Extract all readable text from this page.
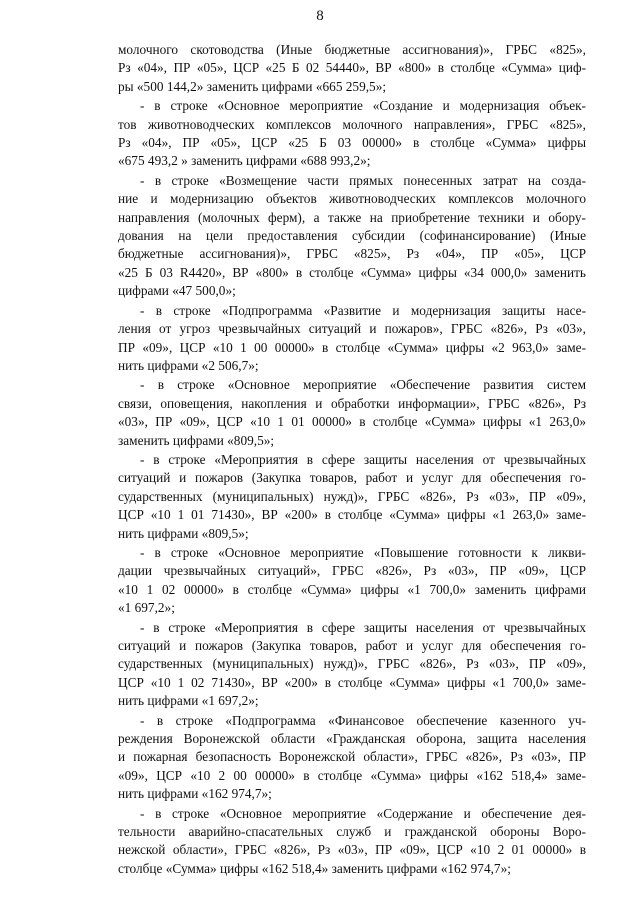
8
молочного скотоводства (Иные бюджетные ассигнования)», ГРБС «825»,
Рз «04», ПР «05», ЦСР «25 Б 02 54440», ВР «800» в столбце «Сумма» циф-
ры «500 144,2» заменить цифрами «665 259,5»;
- в строке «Основное мероприятие «Создание и модернизация объек-
тов животноводческих комплексов молочного направления», ГРБС «825»,
Рз «04», ПР «05», ЦСР «25 Б 03 00000» в столбце «Сумма» цифры
«675 493,2 » заменить цифрами «688 993,2»;
- в строке «Возмещение части прямых понесенных затрат на созда-
ние и модернизацию объектов животноводческих комплексов молочного
направления (молочных ферм), а также на приобретение техники и обору-
дования на цели предоставления субсидии (софинансирование) (Иные
бюджетные ассигнования)», ГРБС «825», Рз «04», ПР «05», ЦСР
«25 Б 03 R4420», ВР «800» в столбце «Сумма» цифры «34 000,0» заменить
цифрами «47 500,0»;
- в строке «Подпрограмма «Развитие и модернизация защиты насе-
ления от угроз чрезвычайных ситуаций и пожаров», ГРБС «826», Рз «03»,
ПР «09», ЦСР «10 1 00 00000» в столбце «Сумма» цифры «2 963,0» заме-
нить цифрами «2 506,7»;
- в строке «Основное мероприятие «Обеспечение развития систем
связи, оповещения, накопления и обработки информации», ГРБС «826», Рз
«03», ПР «09», ЦСР «10 1 01 00000» в столбце «Сумма» цифры «1 263,0»
заменить цифрами «809,5»;
- в строке «Мероприятия в сфере защиты населения от чрезвычайных
ситуаций и пожаров (Закупка товаров, работ и услуг для обеспечения го-
сударственных (муниципальных) нужд)», ГРБС «826», Рз «03», ПР «09»,
ЦСР «10 1 01 71430», ВР «200» в столбце «Сумма» цифры «1 263,0» заме-
нить цифрами «809,5»;
- в строке «Основное мероприятие «Повышение готовности к ликви-
дации чрезвычайных ситуаций», ГРБС «826», Рз «03», ПР «09», ЦСР
«10 1 02 00000» в столбце «Сумма» цифры «1 700,0» заменить цифрами
«1 697,2»;
- в строке «Мероприятия в сфере защиты населения от чрезвычайных
ситуаций и пожаров (Закупка товаров, работ и услуг для обеспечения го-
сударственных (муниципальных) нужд)», ГРБС «826», Рз «03», ПР «09»,
ЦСР «10 1 02 71430», ВР «200» в столбце «Сумма» цифры «1 700,0» заме-
нить цифрами «1 697,2»;
- в строке «Подпрограмма «Финансовое обеспечение казенного уч-
реждения Воронежской области «Гражданская оборона, защита населения
и пожарная безопасность Воронежской области», ГРБС «826», Рз «03», ПР
«09», ЦСР «10 2 00 00000» в столбце «Сумма» цифры «162 518,4» заме-
нить цифрами «162 974,7»;
- в строке «Основное мероприятие «Содержание и обеспечение дея-
тельности аварийно-спасательных служб и гражданской обороны Воро-
нежской области», ГРБС «826», Рз «03», ПР «09», ЦСР «10 2 01 00000» в
столбце «Сумма» цифры «162 518,4» заменить цифрами «162 974,7»;
